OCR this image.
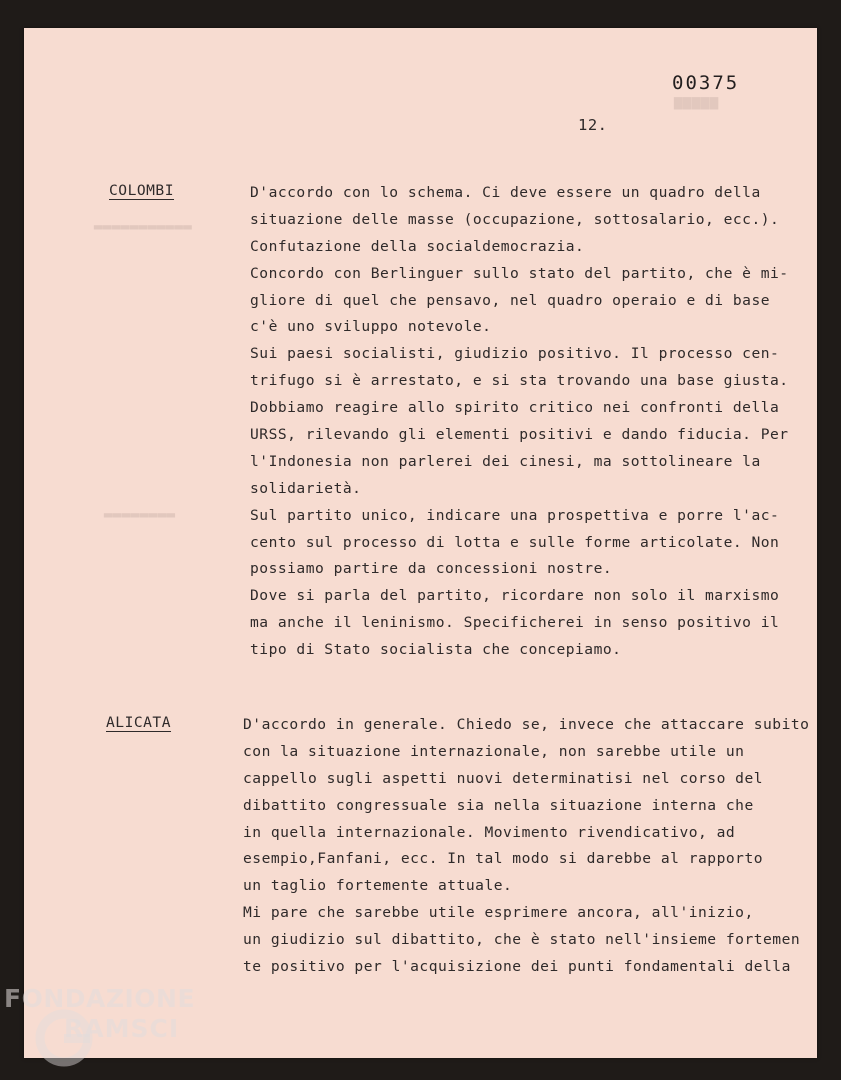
▆▆▆▆▆
▂▂▂▂▂▂▂▂▂▂▂
▂▂▂▂▂▂▂▂
00375
12.
COLOMBI	D'accordo con lo schema. Ci deve essere un quadro della
situazione delle masse (occupazione, sottosalario, ecc.).
Confutazione della socialdemocrazia.
Concordo con Berlinguer sullo stato del partito, che è mi-
gliore di quel che pensavo, nel quadro operaio e di base
c'è uno sviluppo notevole.
Sui paesi socialisti, giudizio positivo. Il processo cen-
trifugo si è arrestato, e si sta trovando una base giusta.
Dobbiamo reagire allo spirito critico nei confronti della
URSS, rilevando gli elementi positivi e dando fiducia. Per
l'Indonesia non parlerei dei cinesi, ma sottolineare la
solidarietà.
Sul partito unico, indicare una prospettiva e porre l'ac-
cento sul processo di lotta e sulle forme articolate. Non
possiamo partire da concessioni nostre.
Dove si parla del partito, ricordare non solo il marxismo
ma anche il leninismo. Specificherei in senso positivo il
tipo di Stato socialista che concepiamo.
ALICATA	D'accordo in generale. Chiedo se, invece che attaccare subito
con la situazione internazionale, non sarebbe utile un
cappello sugli aspetti nuovi determinatisi nel corso del
dibattito congressuale sia nella situazione interna che
in quella internazionale. Movimento rivendicativo, ad
esempio,Fanfani, ecc. In tal modo si darebbe al rapporto
un taglio fortemente attuale.
Mi pare che sarebbe utile esprimere ancora, all'inizio,
un giudizio sul dibattito, che è stato nell'insieme fortemen
te positivo per l'acquisizione dei punti fondamentali della
FONDAZIONE
RAMSCI
